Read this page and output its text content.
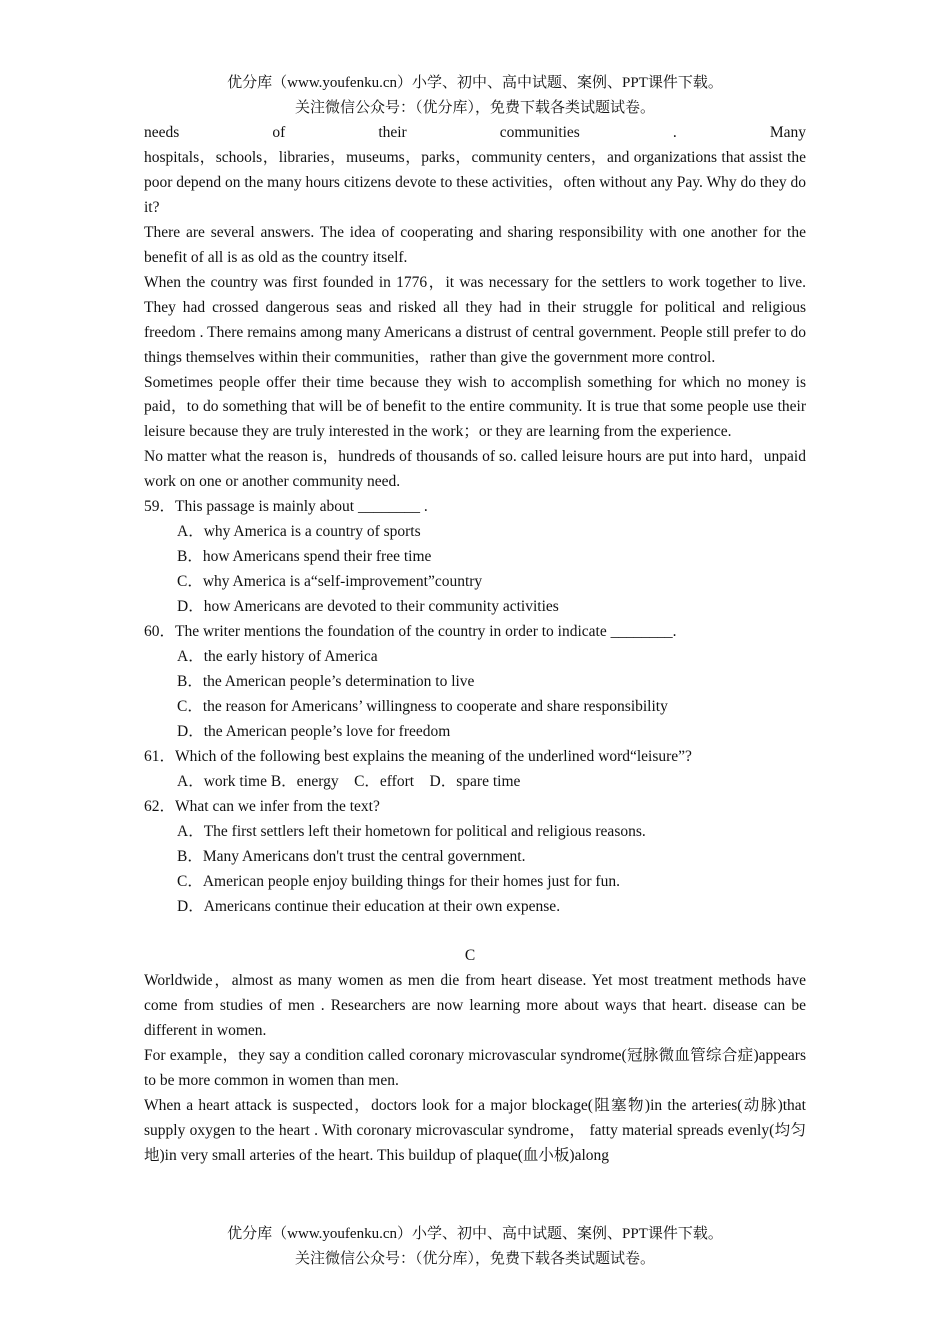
优分库（www.youfenku.cn）小学、初中、高中试题、案例、PPT课件下载。
关注微信公众号：（优分库），免费下载各类试题试卷。
needs	of	their	communities	.	Many
hospitals，schools，libraries，museums，parks，community centers，and organizations that assist the poor depend on the many hours citizens devote to these activities，often without any Pay. Why do they do it?
There are several answers. The idea of cooperating and sharing responsibility with one another for the benefit of all is as old as the country itself.
When the country was first founded in 1776，it was necessary for the settlers to work together to live. They had crossed dangerous seas and risked all they had in their struggle for political and religious freedom . There remains among many Americans a distrust of central government. People still prefer to do things themselves within their communities，rather than give the government more control.
Sometimes people offer their time because they wish to accomplish something for which no money is paid，to do something that will be of benefit to the entire community. It is true that some people use their leisure because they are truly interested in the work；or they are learning from the experience.
No matter what the reason is，hundreds of thousands of so. called leisure hours are put into hard，unpaid work on one or another community need.
59．This passage is mainly about ________ .
A．why America is a country of sports
B．how Americans spend their free time
C．why America is a“self-improvement”country
D．how Americans are devoted to their community activities
60．The writer mentions the foundation of the country in order to indicate ________.
A．the early history of America
B．the American people’s determination to live
C．the reason for Americans’ willingness to cooperate and share responsibility
D．the American people’s love for freedom
61．Which of the following best explains the meaning of the underlined word“leisure”?
A．work time B．energy    C．effort    D．spare time
62．What can we infer from the text?
A．The first settlers left their hometown for political and religious reasons.
B．Many Americans don't trust the central government.
C．American people enjoy building things for their homes just for fun.
D．Americans continue their education at their own expense.
C
Worldwide，almost as many women as men die from heart disease. Yet most treatment methods have come from studies of men . Researchers are now learning more about ways that heart. disease can be different in women.
For example，they say a condition called coronary microvascular syndrome(冠脉微血管综合症)appears to be more common in women than men.
When a heart attack is suspected，doctors look for a major blockage(阻塞物)in the arteries(动脉)that supply oxygen to the heart . With coronary microvascular syndrome， fatty material spreads evenly(均匀地)in very small arteries of the heart. This buildup of plaque(血小板)along
优分库（www.youfenku.cn）小学、初中、高中试题、案例、PPT课件下载。
关注微信公众号：（优分库），免费下载各类试题试卷。
